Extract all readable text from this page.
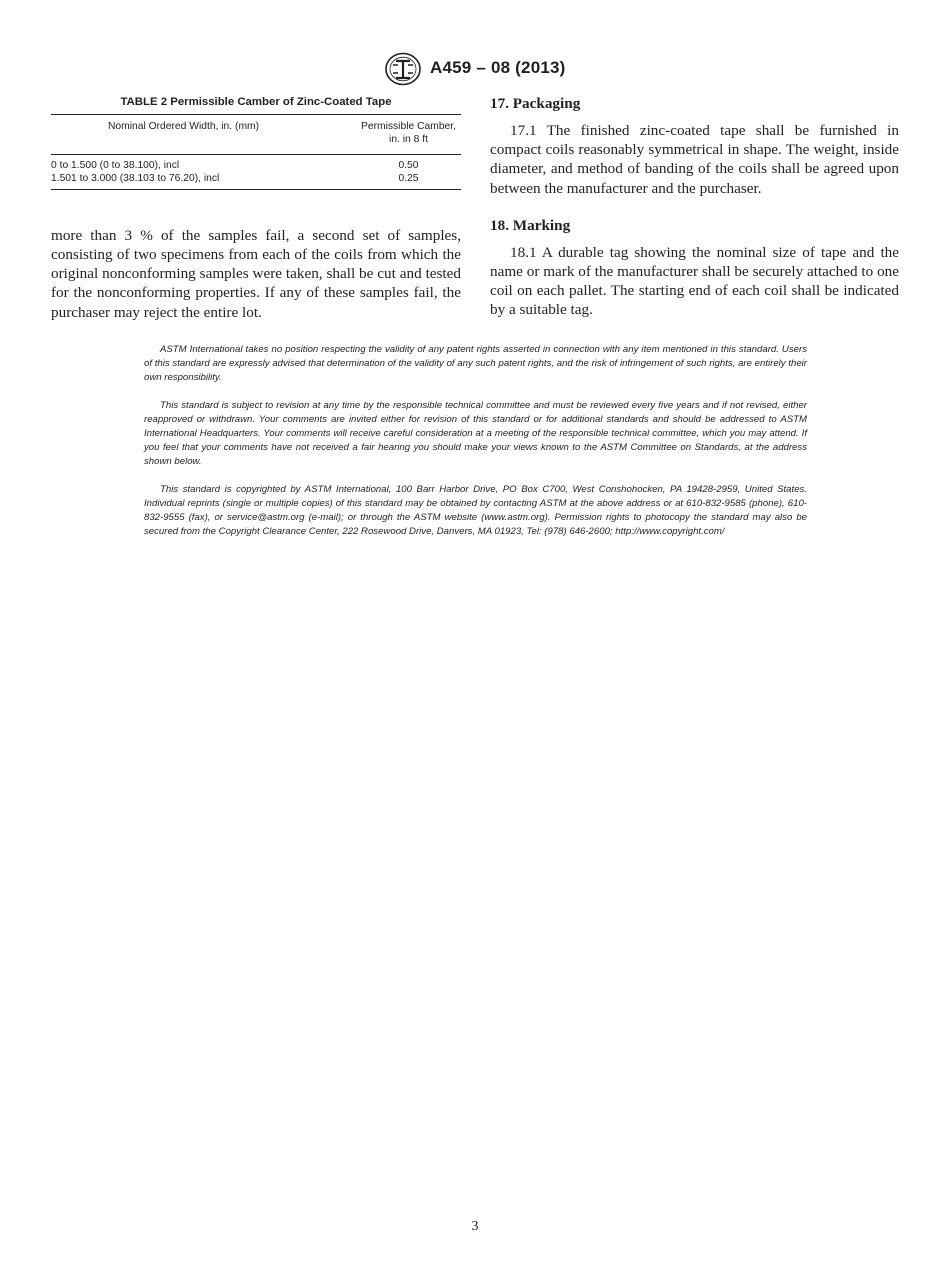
A459 – 08 (2013)
TABLE 2 Permissible Camber of Zinc-Coated Tape
Nominal Ordered Width, in. (mm)	Permissible Camber,
in. in 8 ft
0 to 1.500 (0 to 38.100), incl	0.50
1.501 to 3.000 (38.103 to 76.20), incl	0.25

more than 3 % of the samples fail, a second set of samples, consisting of two specimens from each of the coils from which the original nonconforming samples were taken, shall be cut and tested for the nonconforming properties. If any of these samples fail, the purchaser may reject the entire lot.

17. Packaging

17.1 The finished zinc-coated tape shall be furnished in compact coils reasonably symmetrical in shape. The weight, inside diameter, and method of banding of the coils shall be agreed upon between the manufacturer and the purchaser.

18. Marking

18.1 A durable tag showing the nominal size of tape and the name or mark of the manufacturer shall be securely attached to one coil on each pallet. The starting end of each coil shall be indicated by a suitable tag.

ASTM International takes no position respecting the validity of any patent rights asserted in connection with any item mentioned in this standard. Users of this standard are expressly advised that determination of the validity of any such patent rights, and the risk of infringement of such rights, are entirely their own responsibility.

This standard is subject to revision at any time by the responsible technical committee and must be reviewed every five years and if not revised, either reapproved or withdrawn. Your comments are invited either for revision of this standard or for additional standards and should be addressed to ASTM International Headquarters. Your comments will receive careful consideration at a meeting of the responsible technical committee, which you may attend. If you feel that your comments have not received a fair hearing you should make your views known to the ASTM Committee on Standards, at the address shown below.

This standard is copyrighted by ASTM International, 100 Barr Harbor Drive, PO Box C700, West Conshohocken, PA 19428-2959, United States. Individual reprints (single or multiple copies) of this standard may be obtained by contacting ASTM at the above address or at 610-832-9585 (phone), 610-832-9555 (fax), or service@astm.org (e-mail); or through the ASTM website (www.astm.org). Permission rights to photocopy the standard may also be secured from the Copyright Clearance Center, 222 Rosewood Drive, Danvers, MA 01923, Tel: (978) 646-2600; http://www.copyright.com/

3
